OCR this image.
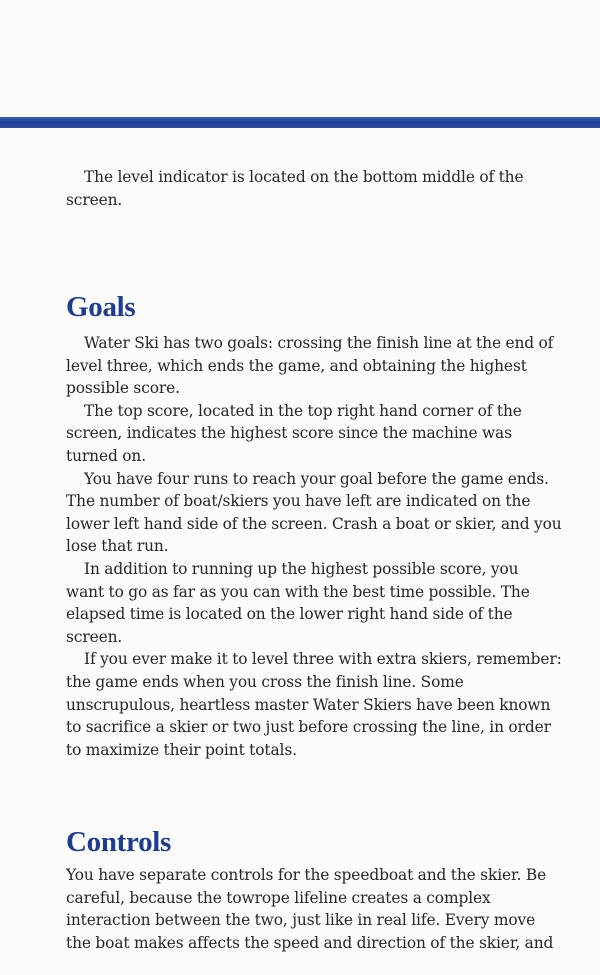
The level indicator is located on the bottom middle of the
screen.
Goals
Water Ski has two goals: crossing the finish line at the end of
level three, which ends the game, and obtaining the highest
possible score.
The top score, located in the top right hand corner of the
screen, indicates the highest score since the machine was
turned on.
You have four runs to reach your goal before the game ends.
The number of boat/skiers you have left are indicated on the
lower left hand side of the screen. Crash a boat or skier, and you
lose that run.
In addition to running up the highest possible score, you
want to go as far as you can with the best time possible. The
elapsed time is located on the lower right hand side of the
screen.
If you ever make it to level three with extra skiers, remember:
the game ends when you cross the finish line. Some
unscrupulous, heartless master Water Skiers have been known
to sacrifice a skier or two just before crossing the line, in order
to maximize their point totals.
Controls
You have separate controls for the speedboat and the skier. Be
careful, because the towrope lifeline creates a complex
interaction between the two, just like in real life. Every move
the boat makes affects the speed and direction of the skier, and
